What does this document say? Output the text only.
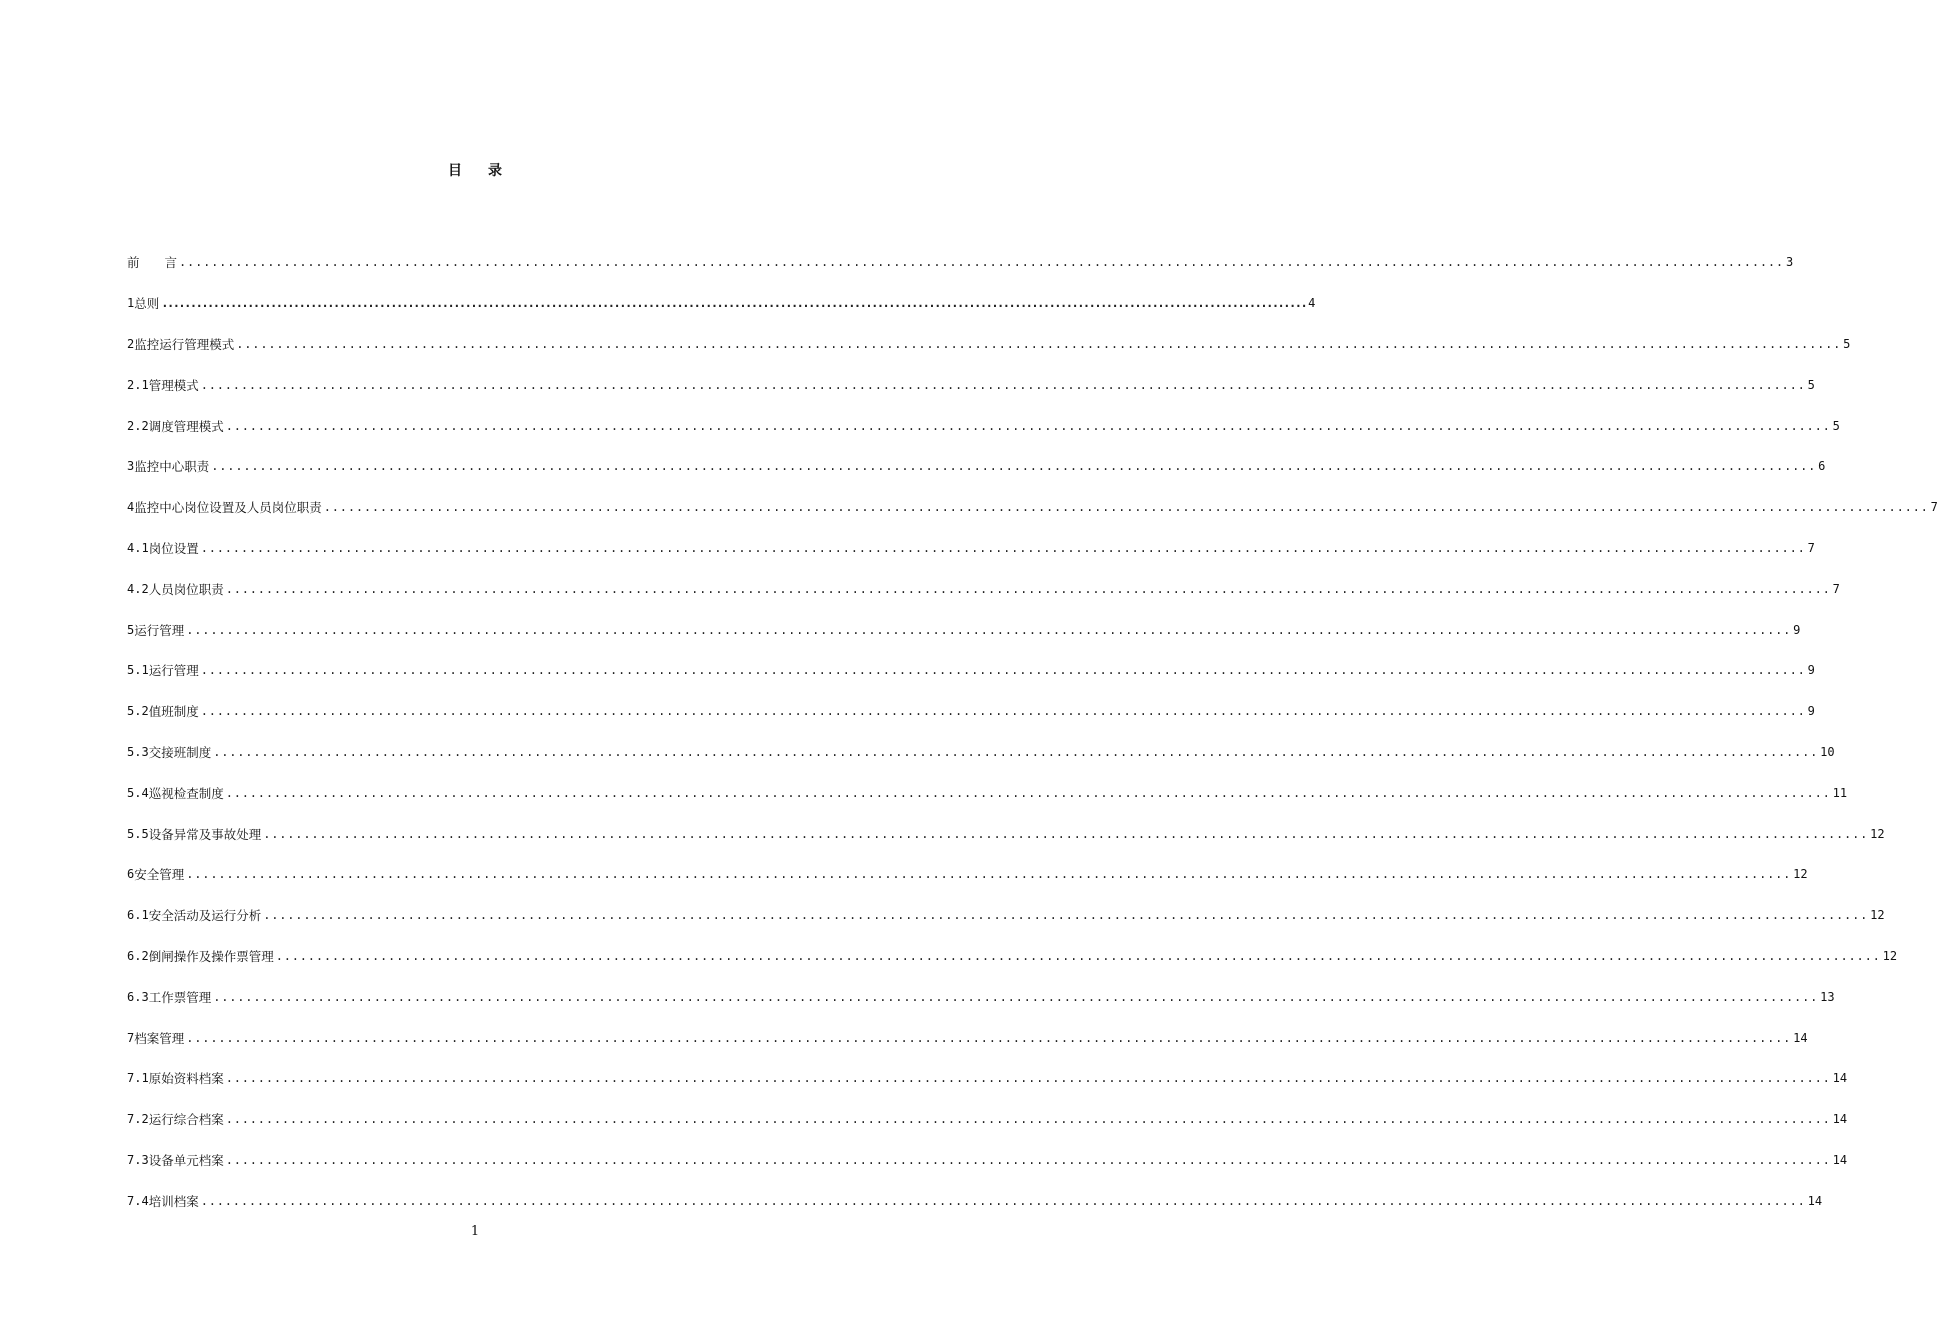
目 录
前　　言 ........................................................................................................................................................................................................ 3
1 总则 ........................................................................................................................................................................................................ 4
2 监控运行管理模式 ........................................................................................................................................................................................................ 5
2.1 管理模式 ........................................................................................................................................................................................................ 5
2.2 调度管理模式 ........................................................................................................................................................................................................ 5
3 监控中心职责 ........................................................................................................................................................................................................ 6
4 监控中心岗位设置及人员岗位职责 ........................................................................................................................................................................................................ 7
4.1 岗位设置 ........................................................................................................................................................................................................ 7
4.2 人员岗位职责 ........................................................................................................................................................................................................ 7
5 运行管理 ........................................................................................................................................................................................................ 9
5.1 运行管理 ........................................................................................................................................................................................................ 9
5.2 值班制度 ........................................................................................................................................................................................................ 9
5.3 交接班制度 ........................................................................................................................................................................................................ 10
5.4 巡视检查制度 ........................................................................................................................................................................................................ 11
5.5 设备异常及事故处理 ........................................................................................................................................................................................................ 12
6 安全管理 ........................................................................................................................................................................................................ 12
6.1 安全活动及运行分析 ........................................................................................................................................................................................................ 12
6.2 倒闸操作及操作票管理 ........................................................................................................................................................................................................ 12
6.3 工作票管理 ........................................................................................................................................................................................................ 13
7 档案管理 ........................................................................................................................................................................................................ 14
7.1 原始资料档案 ........................................................................................................................................................................................................ 14
7.2 运行综合档案 ........................................................................................................................................................................................................ 14
7.3 设备单元档案 ........................................................................................................................................................................................................ 14
7.4 培训档案 ........................................................................................................................................................................................................ 14
1
